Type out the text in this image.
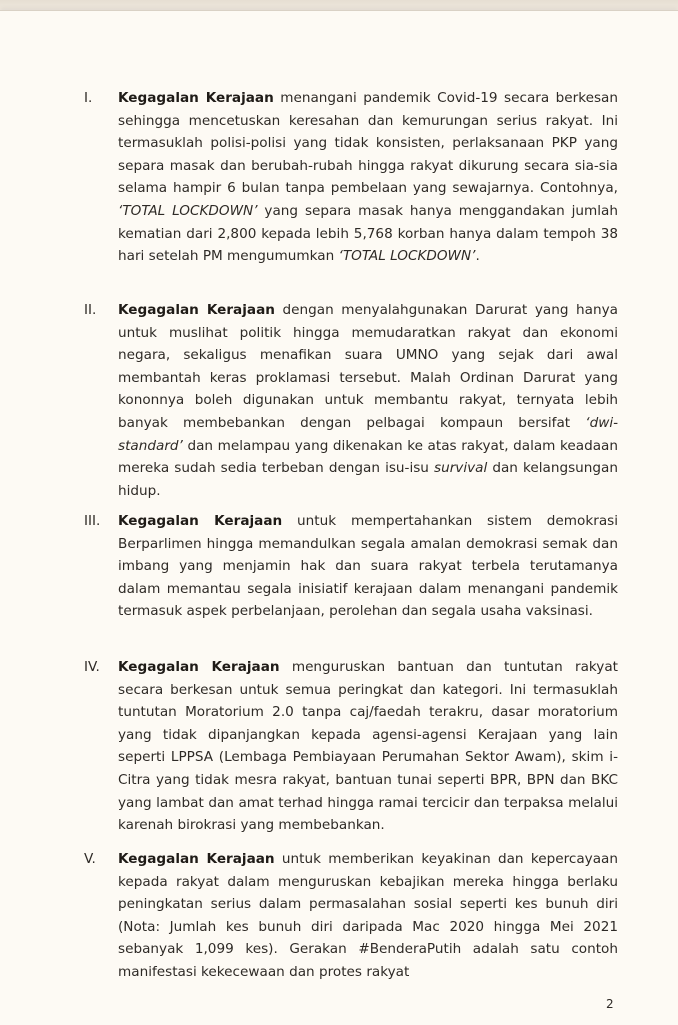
I.	Kegagalan Kerajaan menangani pandemik Covid-19 secara berkesan sehingga mencetuskan keresahan dan kemurungan serius rakyat. Ini termasuklah polisi-polisi yang tidak konsisten, perlaksanaan PKP yang separa masak dan berubah-rubah hingga rakyat dikurung secara sia-sia selama hampir 6 bulan tanpa pembelaan yang sewajarnya. Contohnya, ‘TOTAL LOCKDOWN’ yang separa masak hanya menggandakan jumlah kematian dari 2,800 kepada lebih 5,768 korban hanya dalam tempoh 38 hari setelah PM mengumumkan ‘TOTAL LOCKDOWN’.
II.	Kegagalan Kerajaan dengan menyalahgunakan Darurat yang hanya untuk muslihat politik hingga memudaratkan rakyat dan ekonomi negara, sekaligus menafikan suara UMNO yang sejak dari awal membantah keras proklamasi tersebut. Malah Ordinan Darurat yang kononnya boleh digunakan untuk membantu rakyat, ternyata lebih banyak membebankan dengan pelbagai kompaun bersifat ‘dwi-standard’ dan melampau yang dikenakan ke atas rakyat, dalam keadaan mereka sudah sedia terbeban dengan isu-isu survival dan kelangsungan hidup.
III.	Kegagalan Kerajaan untuk mempertahankan sistem demokrasi Berparlimen hingga memandulkan segala amalan demokrasi semak dan imbang yang menjamin hak dan suara rakyat terbela terutamanya dalam memantau segala inisiatif kerajaan dalam menangani pandemik termasuk aspek perbelanjaan, perolehan dan segala usaha vaksinasi.
IV.	Kegagalan Kerajaan menguruskan bantuan dan tuntutan rakyat secara berkesan untuk semua peringkat dan kategori. Ini termasuklah tuntutan Moratorium 2.0 tanpa caj/faedah terakru, dasar moratorium yang tidak dipanjangkan kepada agensi-agensi Kerajaan yang lain seperti LPPSA (Lembaga Pembiayaan Perumahan Sektor Awam), skim i-Citra yang tidak mesra rakyat, bantuan tunai seperti BPR, BPN dan BKC yang lambat dan amat terhad hingga ramai tercicir dan terpaksa melalui karenah birokrasi yang membebankan.
V.	Kegagalan Kerajaan untuk memberikan keyakinan dan kepercayaan kepada rakyat dalam menguruskan kebajikan mereka hingga berlaku peningkatan serius dalam permasalahan sosial seperti kes bunuh diri (Nota: Jumlah kes bunuh diri daripada Mac 2020 hingga Mei 2021 sebanyak 1,099 kes). Gerakan #BenderaPutih adalah satu contoh manifestasi kekecewaan dan protes rakyat
2
